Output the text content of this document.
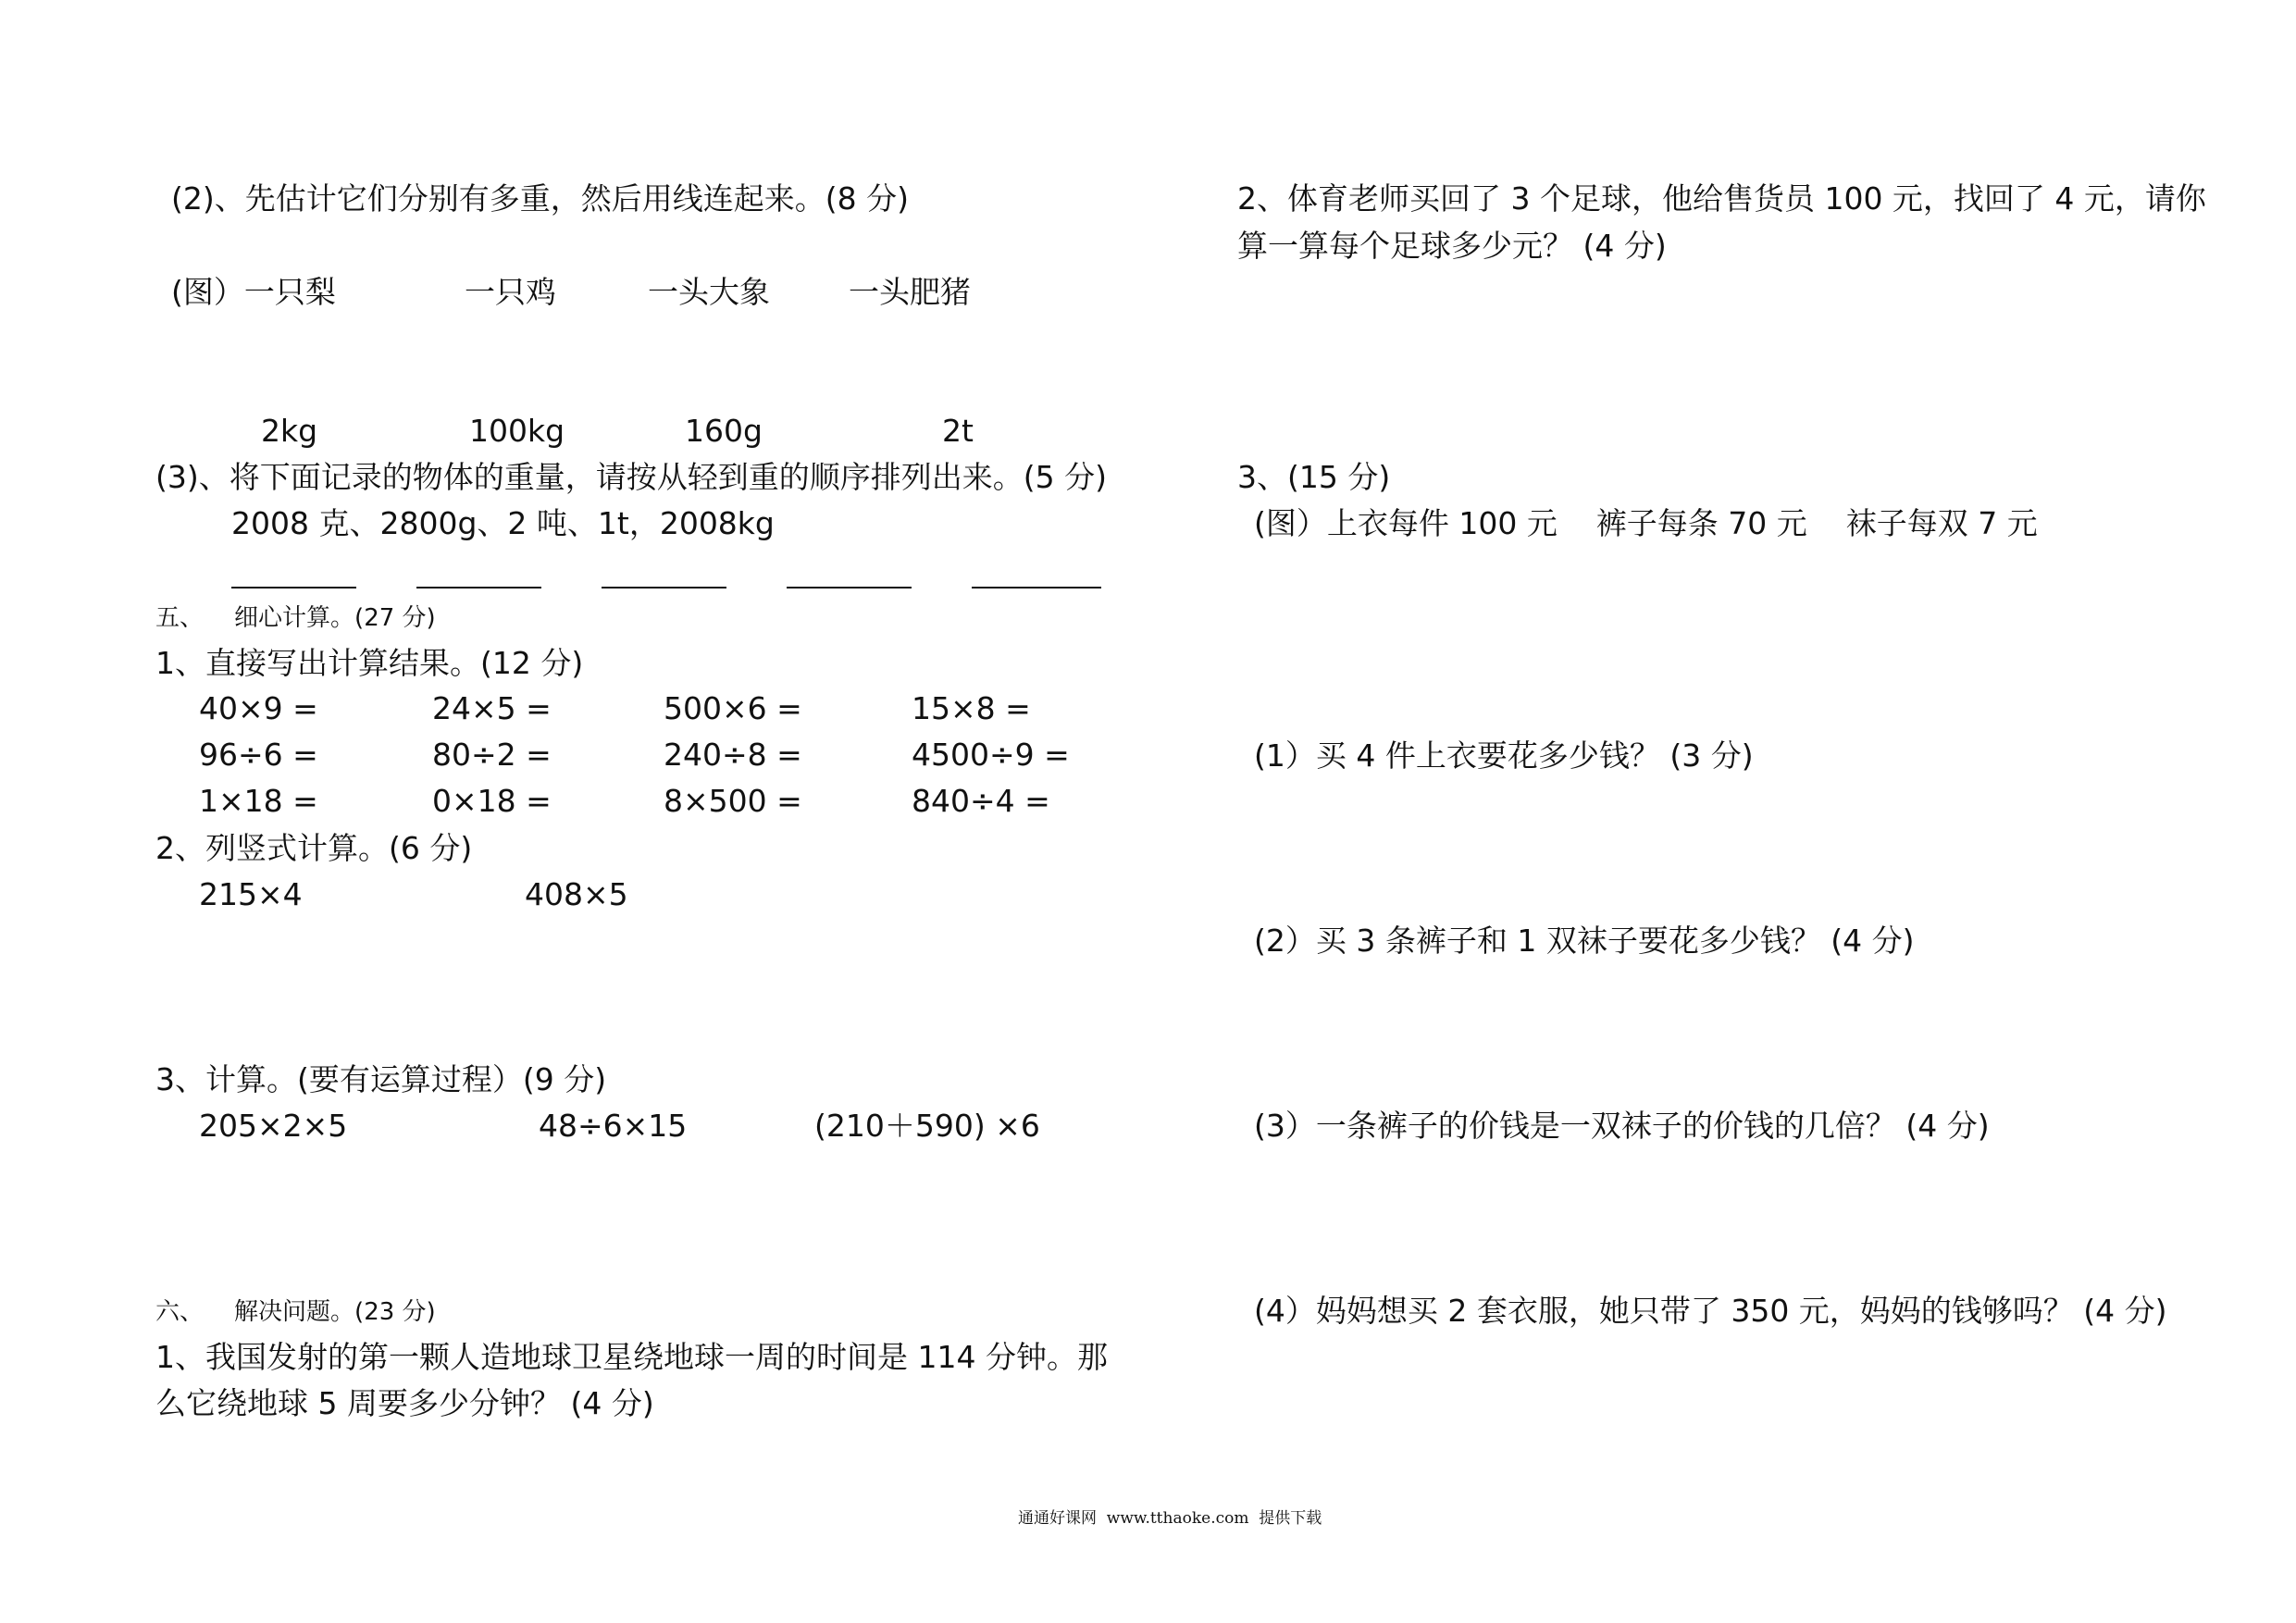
(2)、先估计它们分别有多重，然后用线连起来。(8 分)
(图）一只梨	一只鸡	一头大象	一头肥猪
2kg	100kg	160g	2t
(3)、将下面记录的物体的重量，请按从轻到重的顺序排列出来。(5 分)
2008 克、2800g、2 吨、1t，2008kg
五、    细心计算。(27 分)
1、直接写出计算结果。(12 分)
40×9 =	24×5 =	500×6 =	15×8 =
96÷6 =	80÷2 =	240÷8 =	4500÷9 =
1×18 =	0×18 =	8×500 =	840÷4 =
2、列竖式计算。(6 分)
215×4	408×5
3、计算。(要有运算过程）(9 分)
205×2×5	48÷6×15	(210＋590) ×6
六、    解决问题。(23 分)
1、我国发射的第一颗人造地球卫星绕地球一周的时间是 114 分钟。那
么它绕地球 5 周要多少分钟？ (4 分)
2、体育老师买回了 3 个足球，他给售货员 100 元，找回了 4 元，请你
算一算每个足球多少元？ (4 分)
3、(15 分)
(图）上衣每件 100 元    裤子每条 70 元    袜子每双 7 元
(1）买 4 件上衣要花多少钱？ (3 分)
(2）买 3 条裤子和 1 双袜子要花多少钱？ (4 分)
(3）一条裤子的价钱是一双袜子的价钱的几倍？ (4 分)
(4）妈妈想买 2 套衣服，她只带了 350 元，妈妈的钱够吗？ (4 分)
通通好课网  www.tthaoke.com  提供下载
